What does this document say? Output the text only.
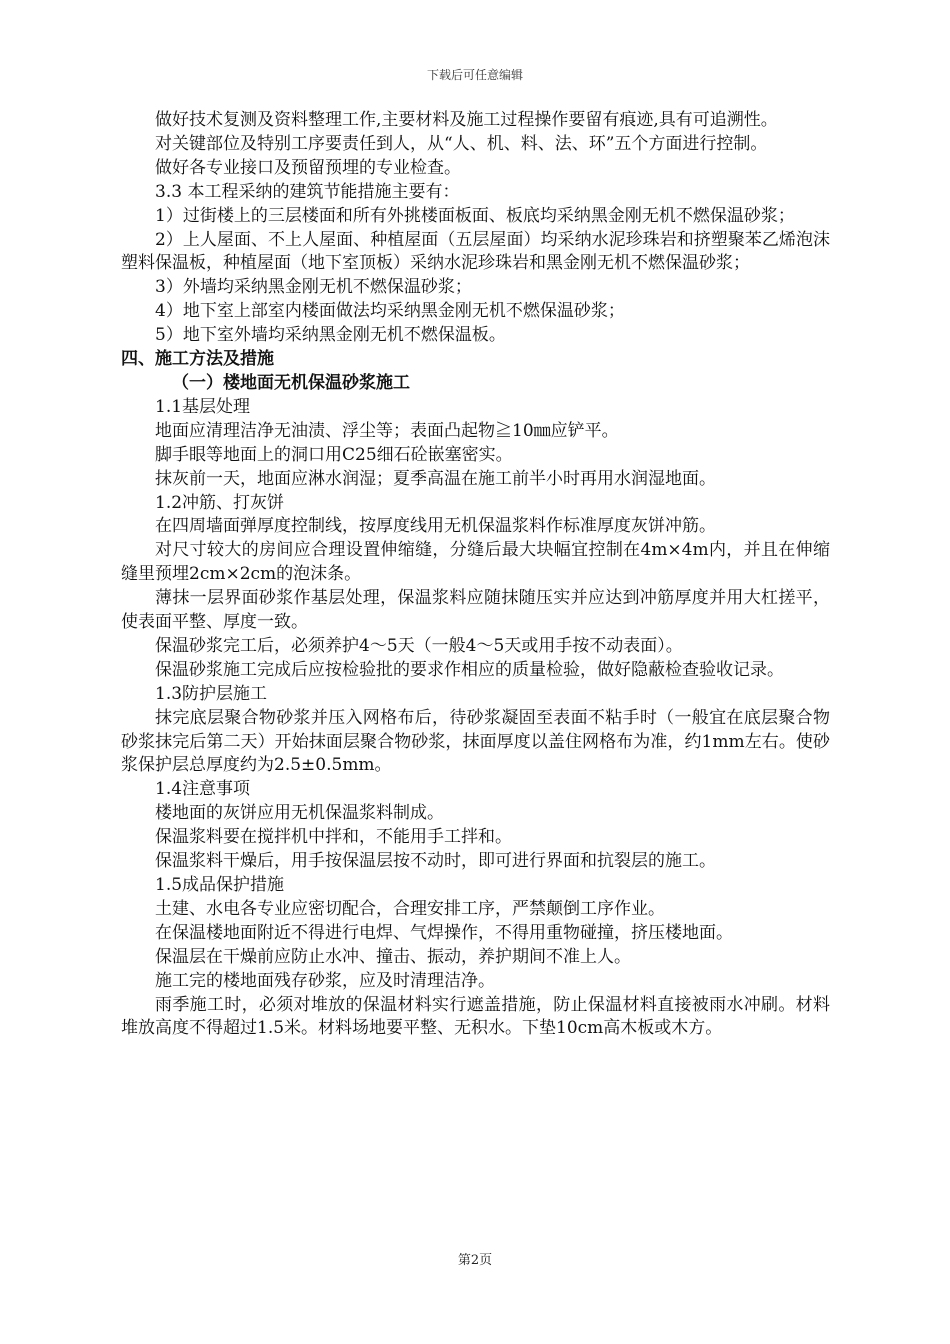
下载后可任意编辑

做好技术复测及资料整理工作,主要材料及施工过程操作要留有痕迹,具有可追溯性。

对关键部位及特别工序要责任到人，从“人、机、料、法、环”五个方面进行控制。

做好各专业接口及预留预埋的专业检查。

3.3 本工程采纳的建筑节能措施主要有：

1）过街楼上的三层楼面和所有外挑楼面板面、板底均采纳黑金刚无机不燃保温砂浆；

2）上人屋面、不上人屋面、种植屋面（五层屋面）均采纳水泥珍珠岩和挤塑聚苯乙烯泡沫塑料保温板，种植屋面（地下室顶板）采纳水泥珍珠岩和黑金刚无机不燃保温砂浆；

3）外墙均采纳黑金刚无机不燃保温砂浆；

4）地下室上部室内楼面做法均采纳黑金刚无机不燃保温砂浆；

5）地下室外墙均采纳黑金刚无机不燃保温板。

四、施工方法及措施

（一）楼地面无机保温砂浆施工

1.1基层处理

地面应清理洁净无油渍、浮尘等；表面凸起物≧10㎜应铲平。

脚手眼等地面上的洞口用C25细石砼嵌塞密实。

抹灰前一天，地面应淋水润湿；夏季高温在施工前半小时再用水润湿地面。

1.2冲筋、打灰饼

在四周墙面弹厚度控制线，按厚度线用无机保温浆料作标准厚度灰饼冲筋。

对尺寸较大的房间应合理设置伸缩缝，分缝后最大块幅宜控制在4m×4m内，并且在伸缩缝里预埋2cm×2cm的泡沫条。

薄抹一层界面砂浆作基层处理，保温浆料应随抹随压实并应达到冲筋厚度并用大杠搓平，使表面平整、厚度一致。

保温砂浆完工后，必须养护4～5天（一般4～5天或用手按不动表面）。

保温砂浆施工完成后应按检验批的要求作相应的质量检验，做好隐蔽检查验收记录。

1.3防护层施工

抹完底层聚合物砂浆并压入网格布后，待砂浆凝固至表面不粘手时（一般宜在底层聚合物砂浆抹完后第二天）开始抹面层聚合物砂浆，抹面厚度以盖住网格布为准，约1mm左右。使砂浆保护层总厚度约为2.5±0.5mm。

1.4注意事项

楼地面的灰饼应用无机保温浆料制成。

保温浆料要在搅拌机中拌和，不能用手工拌和。

保温浆料干燥后，用手按保温层按不动时，即可进行界面和抗裂层的施工。

1.5成品保护措施

土建、水电各专业应密切配合，合理安排工序，严禁颠倒工序作业。

在保温楼地面附近不得进行电焊、气焊操作，不得用重物碰撞，挤压楼地面。

保温层在干燥前应防止水冲、撞击、振动，养护期间不准上人。

施工完的楼地面残存砂浆，应及时清理洁净。

雨季施工时，必须对堆放的保温材料实行遮盖措施，防止保温材料直接被雨水冲刷。材料堆放高度不得超过1.5米。材料场地要平整、无积水。下垫10cm高木板或木方。

第2页
